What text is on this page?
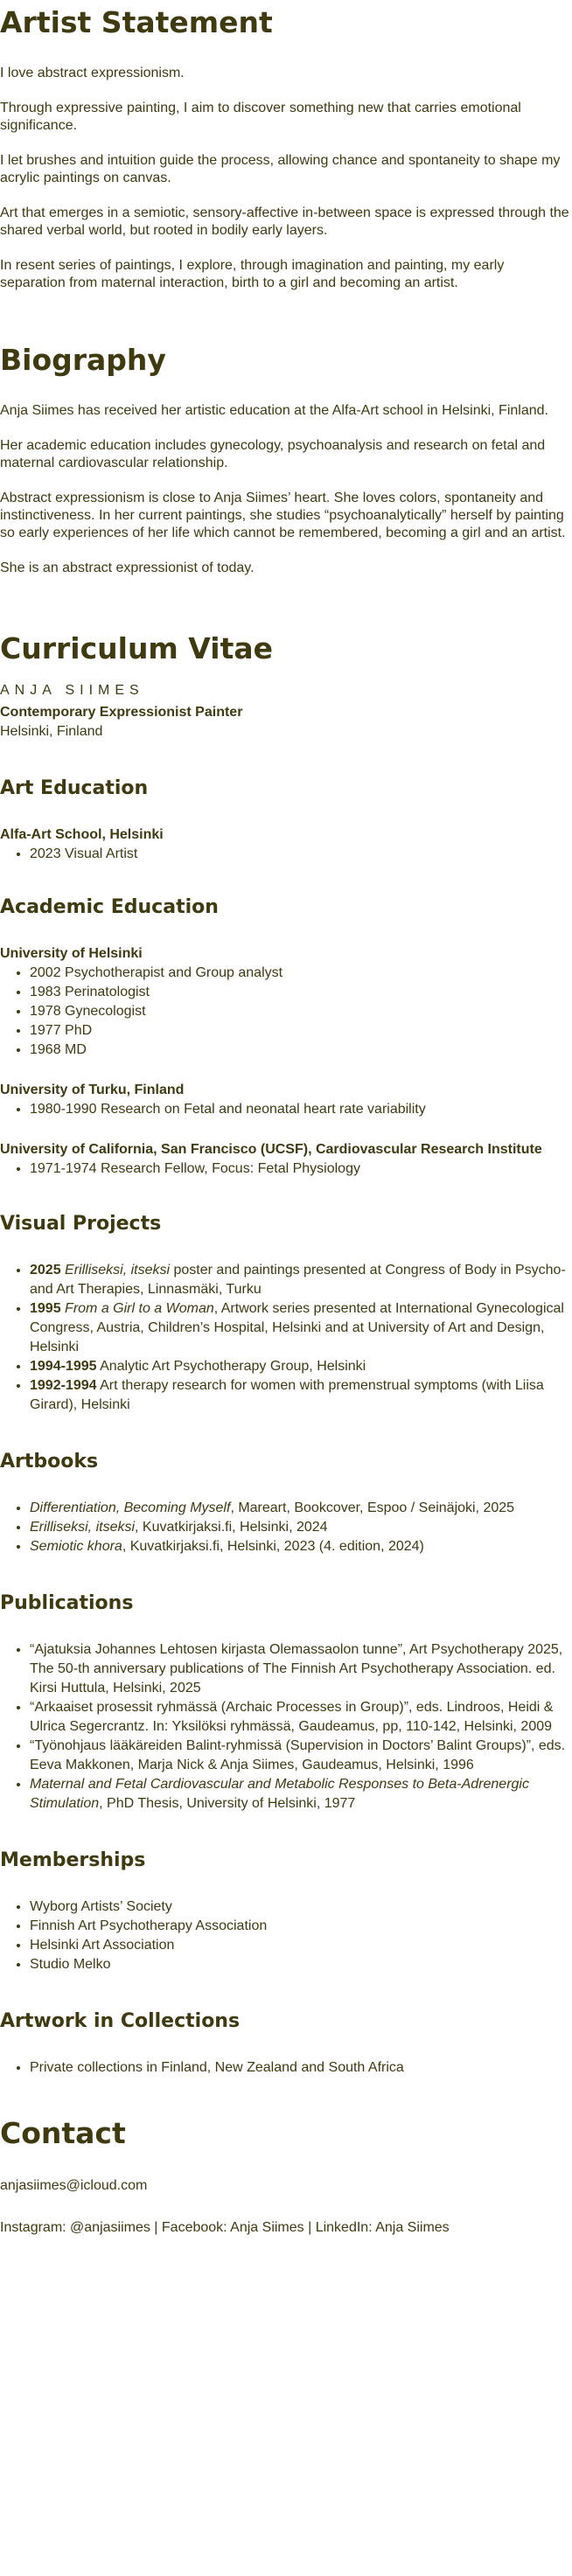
Artist Statement

I love abstract expressionism.

Through expressive painting, I aim to discover something new that carries emotional significance.

I let brushes and intuition guide the process, allowing chance and spontaneity to shape my acrylic paintings on canvas.

Art that emerges in a semiotic, sensory-affective in-between space is expressed through the shared verbal world, but rooted in bodily early layers.

In resent series of paintings, I explore, through imagination and painting, my early separation from maternal interaction, birth to a girl and becoming an artist.

Biography

Anja Siimes has received her artistic education at the Alfa-Art school in Helsinki, Finland.

Her academic education includes gynecology, psychoanalysis and research on fetal and maternal cardiovascular relationship.

Abstract expressionism is close to Anja Siimes’ heart. She loves colors, spontaneity and instinctiveness. In her current paintings, she studies “psychoanalytically” herself by painting so early experiences of her life which cannot be remembered, becoming a girl and an artist.

She is an abstract expressionist of today.

Curriculum Vitae
ANJA SIIMES
Contemporary Expressionist Painter
Helsinki, Finland
Art Education
Alfa-Art School, Helsinki
• 2023 Visual Artist
Academic Education
University of Helsinki
• 2002 Psychotherapist and Group analyst
• 1983 Perinatologist
• 1978 Gynecologist
• 1977 PhD
• 1968 MD
University of Turku, Finland
• 1980-1990 Research on Fetal and neonatal heart rate variability
University of California, San Francisco (UCSF), Cardiovascular Research Institute
• 1971-1974 Research Fellow, Focus: Fetal Physiology
Visual Projects
• 2025 Erilliseksi, itseksi poster and paintings presented at Congress of Body in Psycho- and Art Therapies, Linnasmäki, Turku
• 1995 From a Girl to a Woman, Artwork series presented at International Gynecological Congress, Austria, Children’s Hospital, Helsinki and at University of Art and Design, Helsinki
• 1994-1995 Analytic Art Psychotherapy Group, Helsinki
• 1992-1994 Art therapy research for women with premenstrual symptoms (with Liisa Girard), Helsinki
Artbooks
• Differentiation, Becoming Myself, Mareart, Bookcover, Espoo / Seinäjoki, 2025
• Erilliseksi, itseksi, Kuvatkirjaksi.fi, Helsinki, 2024
• Semiotic khora, Kuvatkirjaksi.fi, Helsinki, 2023 (4. edition, 2024)
Publications
• “Ajatuksia Johannes Lehtosen kirjasta Olemassaolon tunne”, Art Psychotherapy 2025, The 50-th anniversary publications of The Finnish Art Psychotherapy Association. ed. Kirsi Huttula, Helsinki, 2025
• “Arkaaiset prosessit ryhmässä (Archaic Processes in Group)”, eds. Lindroos, Heidi & Ulrica Segercrantz. In: Yksilöksi ryhmässä, Gaudeamus, pp, 110-142, Helsinki, 2009
• “Työnohjaus lääkäreiden Balint-ryhmissä (Supervision in Doctors’ Balint Groups)”, eds. Eeva Makkonen, Marja Nick & Anja Siimes, Gaudeamus, Helsinki, 1996
• Maternal and Fetal Cardiovascular and Metabolic Responses to Beta-Adrenergic Stimulation, PhD Thesis, University of Helsinki, 1977
Memberships
• Wyborg Artists’ Society
• Finnish Art Psychotherapy Association
• Helsinki Art Association
• Studio Melko
Artwork in Collections
• Private collections in Finland, New Zealand and South Africa
Contact

anjasiimes@icloud.com

Instagram: @anjasiimes | Facebook: Anja Siimes | LinkedIn: Anja Siimes
